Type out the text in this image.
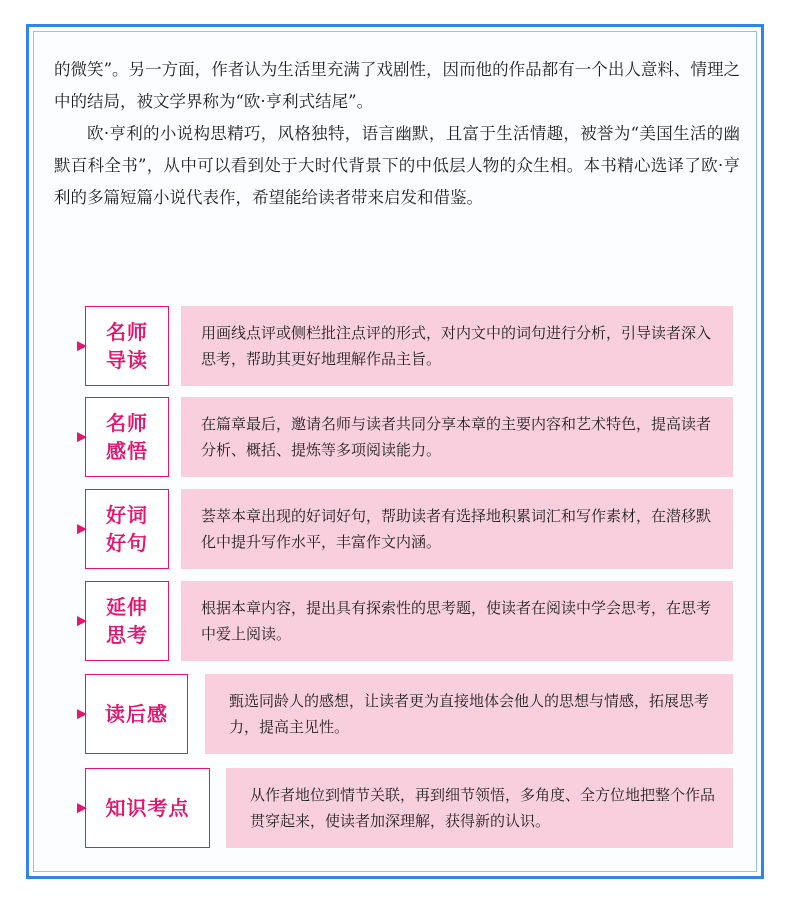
的微笑”。另一方面，作者认为生活里充满了戏剧性，因而他的作品都有一个出人意料、情理之中的结局，被文学界称为“欧·亨利式结尾”。

欧·亨利的小说构思精巧，风格独特，语言幽默，且富于生活情趣，被誉为“美国生活的幽默百科全书”，从中可以看到处于大时代背景下的中低层人物的众生相。本书精心选译了欧·亨利的多篇短篇小说代表作，希望能给读者带来启发和借鉴。

▶
名师
导读
用画线点评或侧栏批注点评的形式，对内文中的词句进行分析，引导读者深入思考，帮助其更好地理解作品主旨。
▶
名师
感悟
在篇章最后，邀请名师与读者共同分享本章的主要内容和艺术特色，提高读者分析、概括、提炼等多项阅读能力。
▶
好词
好句
荟萃本章出现的好词好句，帮助读者有选择地积累词汇和写作素材，在潜移默化中提升写作水平，丰富作文内涵。
▶
延伸
思考
根据本章内容，提出具有探索性的思考题，使读者在阅读中学会思考，在思考中爱上阅读。
▶ 读后感
甄选同龄人的感想，让读者更为直接地体会他人的思想与情感，拓展思考力，提高主见性。
▶ 知识考点
从作者地位到情节关联，再到细节领悟，多角度、全方位地把整个作品贯穿起来，使读者加深理解，获得新的认识。
